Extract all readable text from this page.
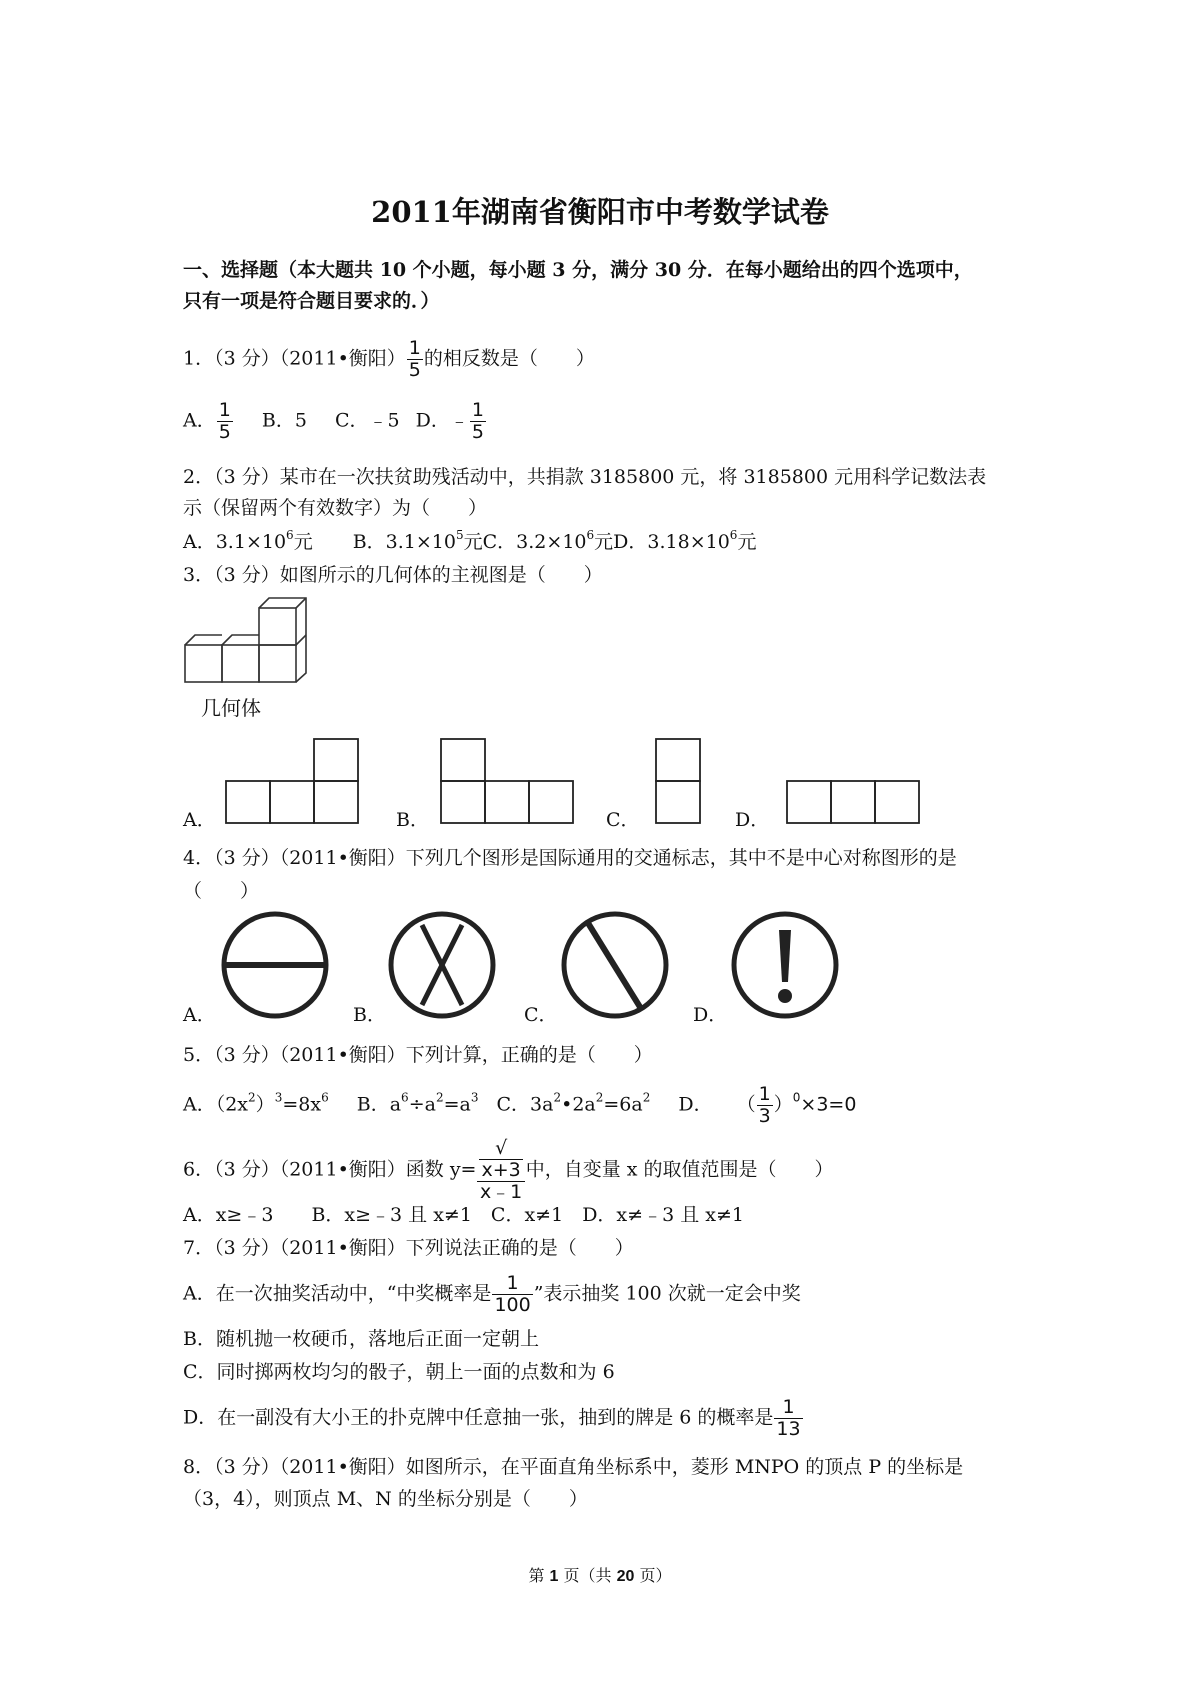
2011年湖南省衡阳市中考数学试卷
一、选择题（本大题共 10 个小题，每小题 3 分，满分 30 分．在每小题给出的四个选项中，
只有一项是符合题目要求的．）
1．（3 分）（2011•衡阳） $\frac{1}{5}$ 的相反数是（　　）
A． $\frac{1}{5}$ B．5 C．﹣5 D．﹣ $\frac{1}{5}$
2．（3 分）某市在一次扶贫助残活动中，共捐款 3185800 元，将 3185800 元用科学记数法表
示（保留两个有效数字）为（　　）
A．$3.1\times 10^6$元 B．$3.1\times 10^5$元C．$3.2\times 10^6$元D．$3.18\times 10^6$元
3．（3 分）如图所示的几何体的主视图是（　　）
几何体
A．	B．	C．	D．
4．（3 分）（2011•衡阳）下列几个图形是国际通用的交通标志，其中不是中心对称图形的是
（　　）
A．	B．	C．	D．
5．（3 分）（2011•衡阳）下列计算，正确的是（　　）
A．$(2x^2)^3=8x^6$ B．$a^6\div a^2=a^3$ C．$3a^2•2a^2=6a^2$ D． （ $\frac{1}{3} )^0\times 3=0$
6．（3 分）（2011•衡阳）函数 y= √
x+3
x﹣1 中，自变量 x 的取值范围是（　　）
A．x≥﹣3　　B．x≥﹣3 且 x≠1　C．x≠1　D．x≠﹣3 且 x≠1
7．（3 分）（2011•衡阳）下列说法正确的是（　　）
A．在一次抽奖活动中，“中奖概率是 $\frac{1}{100}$ ”表示抽奖 100 次就一定会中奖
B．随机抛一枚硬币，落地后正面一定朝上
C．同时掷两枚均匀的骰子，朝上一面的点数和为 6
D．在一副没有大小王的扑克牌中任意抽一张，抽到的牌是 6 的概率是 $\frac{1}{13}$
8．（3 分）（2011•衡阳）如图所示，在平面直角坐标系中，菱形 MNPO 的顶点 P 的坐标是
（3，4），则顶点 M、N 的坐标分别是（　　）
第 1 页（共 20 页）
